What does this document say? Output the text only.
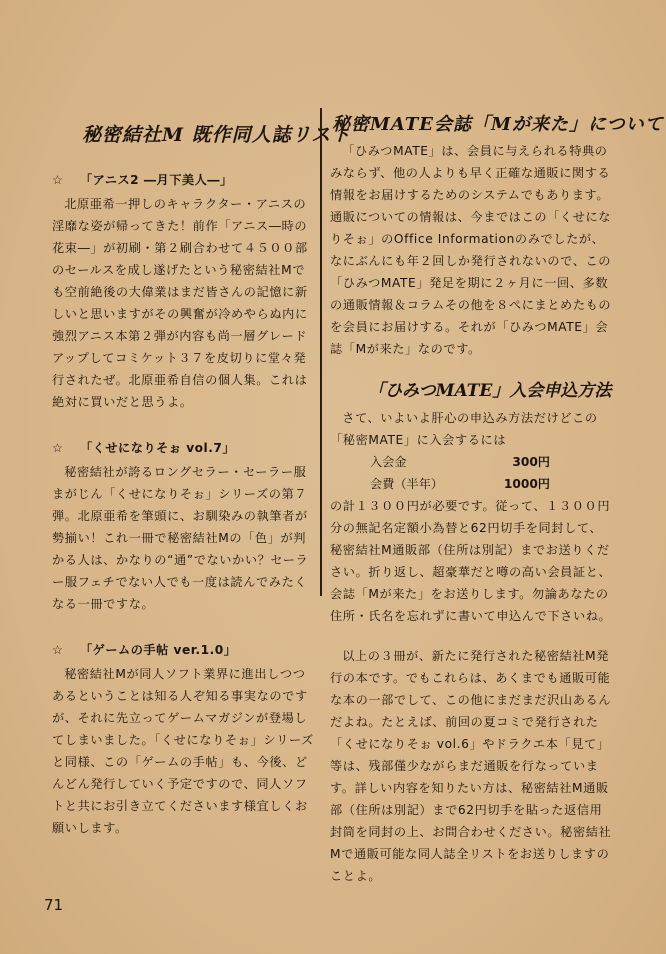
秘密結社M 既作同人誌リスト
☆ 「アニス2 ―月下美人―」

北原亜希一押しのキャラクター・アニスの淫靡な姿が帰ってきた！前作「アニス―時の花束―」が初刷・第２刷合わせて４５００部のセールスを成し遂げたという秘密結社Mでも空前絶後の大偉業はまだ皆さんの記憶に新しいと思いますがその興奮が冷めやらぬ内に強烈アニス本第２弾が内容も尚一層グレードアップしてコミケット３７を皮切りに堂々発行されたぜ。北原亜希自信の個人集。これは絶対に買いだと思うよ。

☆ 「くせになりそぉ vol.7」

秘密結社が誇るロングセラー・セーラー服まがじん「くせになりそぉ」シリーズの第７弾。北原亜希を筆頭に、お馴染みの執筆者が勢揃い！これ一冊で秘密結社Mの「色」が判かる人は、かなりの“通”でないかい？セーラー服フェチでない人でも一度は読んでみたくなる一冊ですな。

☆ 「ゲームの手帖 ver.1.0」

秘密結社Mが同人ソフト業界に進出しつつあるということは知る人ぞ知る事実なのですが、それに先立ってゲームマガジンが登場してしまいました。「くせになりそぉ」シリーズと同様、この「ゲームの手帖」も、今後、どんどん発行していく予定ですので、同人ソフトと共にお引き立てくださいます様宜しくお願いします。

秘密MATE会誌「Mが来た」について

「ひみつMATE」は、会員に与えられる特典のみならず、他の人よりも早く正確な通販に関する情報をお届けするためのシステムでもあります。通販についての情報は、今まではこの「くせになりそぉ」のOffice Informationのみでしたが、なにぶんにも年２回しか発行されないので、この「ひみつMATE」発足を期に２ヶ月に一回、多数の通販情報＆コラムその他を８ぺにまとめたものを会員にお届けする。それが「ひみつMATE」会誌「Mが来た」なのです。

「ひみつMATE」入会申込方法

さて、いよいよ肝心の申込み方法だけどこの「秘密MATE」に入会するには

入会金	300円
会費（半年）	1000円

の計１３００円が必要です。従って、１３００円分の無記名定額小為替と62円切手を同封して、秘密結社M通販部（住所は別記）までお送りください。折り返し、超豪華だと噂の高い会員証と、会誌「Mが来た」をお送りします。勿論あなたの住所・氏名を忘れずに書いて申込んで下さいね。

以上の３冊が、新たに発行された秘密結社M発行の本です。でもこれらは、あくまでも通販可能な本の一部でして、この他にまだまだ沢山あるんだよね。たとえば、前回の夏コミで発行された「くせになりそぉ vol.6」やドラクエ本「見て」等は、残部僅少ながらまだ通販を行なっています。詳しい内容を知りたい方は、秘密結社M通販部（住所は別記）まで62円切手を貼った返信用封筒を同封の上、お問合わせください。秘密結社Mで通販可能な同人誌全リストをお送りしますのことよ。

71
